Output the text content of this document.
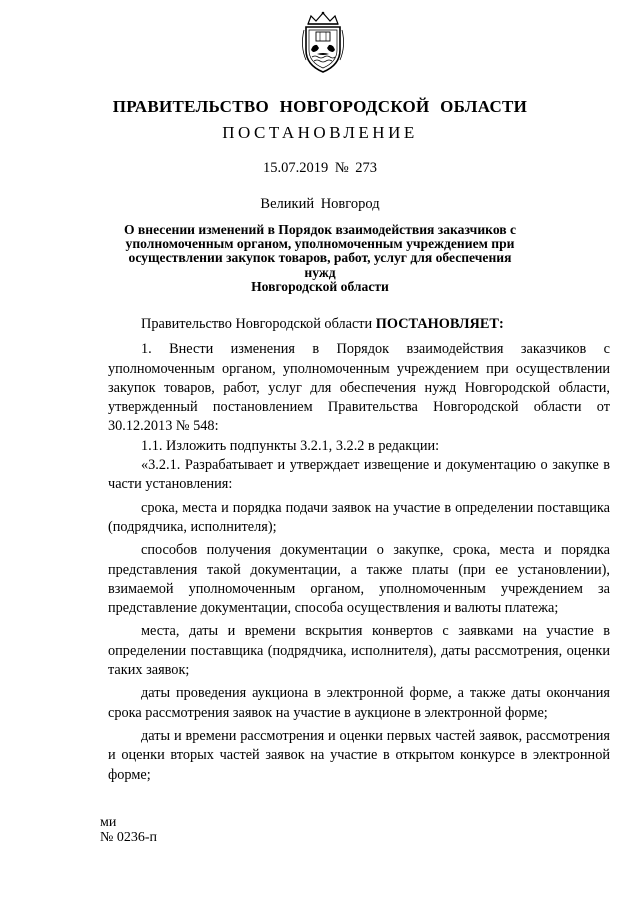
ПРАВИТЕЛЬСТВО НОВГОРОДСКОЙ ОБЛАСТИ
ПОСТАНОВЛЕНИЕ
15.07.2019 № 273
Великий Новгород
О внесении изменений в Порядок взаимодействия заказчиков с
уполномоченным органом, уполномоченным учреждением при
осуществлении закупок товаров, работ, услуг для обеспечения нужд
Новгородской области

Правительство Новгородской области ПОСТАНОВЛЯЕТ:

1. Внести изменения в Порядок взаимодействия заказчиков с уполномоченным органом, уполномоченным учреждением при осуществлении закупок товаров, работ, услуг для обеспечения нужд Новгородской области, утвержденный постановлением Правительства Новгородской области от 30.12.2013 № 548:

1.1. Изложить подпункты 3.2.1, 3.2.2 в редакции:

«3.2.1. Разрабатывает и утверждает извещение и документацию о закупке в части установления:

срока, места и порядка подачи заявок на участие в определении поставщика (подрядчика, исполнителя);

способов получения документации о закупке, срока, места и порядка представления такой документации, а также платы (при ее установлении), взимаемой уполномоченным органом, уполномоченным учреждением за представление документации, способа осуществления и валюты платежа;

места, даты и времени вскрытия конвертов с заявками на участие в определении поставщика (подрядчика, исполнителя), даты рассмотрения, оценки таких заявок;

даты проведения аукциона в электронной форме, а также даты окончания срока рассмотрения заявок на участие в аукционе в электронной форме;

даты и времени рассмотрения и оценки первых частей заявок, рассмотрения и оценки вторых частей заявок на участие в открытом конкурсе в электронной форме;

ми
№ 0236-п
